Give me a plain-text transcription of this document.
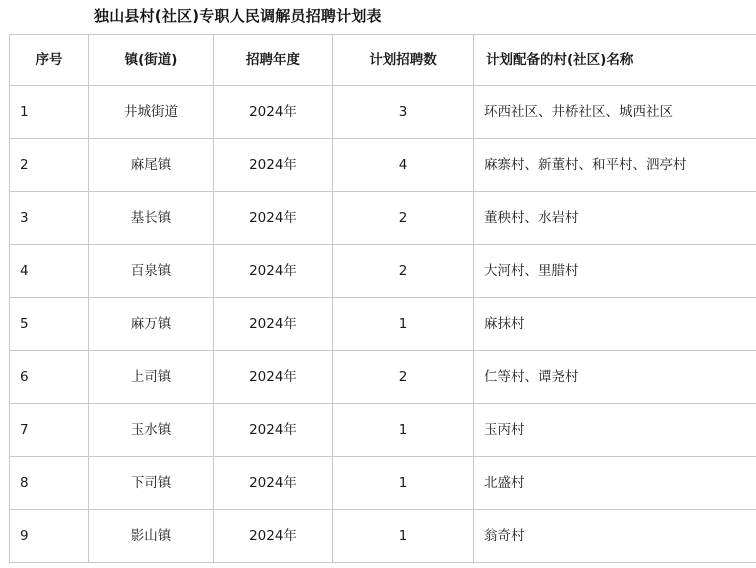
独山县村(社区)专职人民调解员招聘计划表
序号	镇(街道)	招聘年度	计划招聘数	计划配备的村(社区)名称
1	井城街道	2024年	3	环西社区、井桥社区、城西社区
2	麻尾镇	2024年	4	麻寨村、新董村、和平村、泗亭村
3	基长镇	2024年	2	董秧村、水岩村
4	百泉镇	2024年	2	大河村、里腊村
5	麻万镇	2024年	1	麻抹村
6	上司镇	2024年	2	仁等村、谭尧村
7	玉水镇	2024年	1	玉丙村
8	下司镇	2024年	1	北盛村
9	影山镇	2024年	1	翁奇村
